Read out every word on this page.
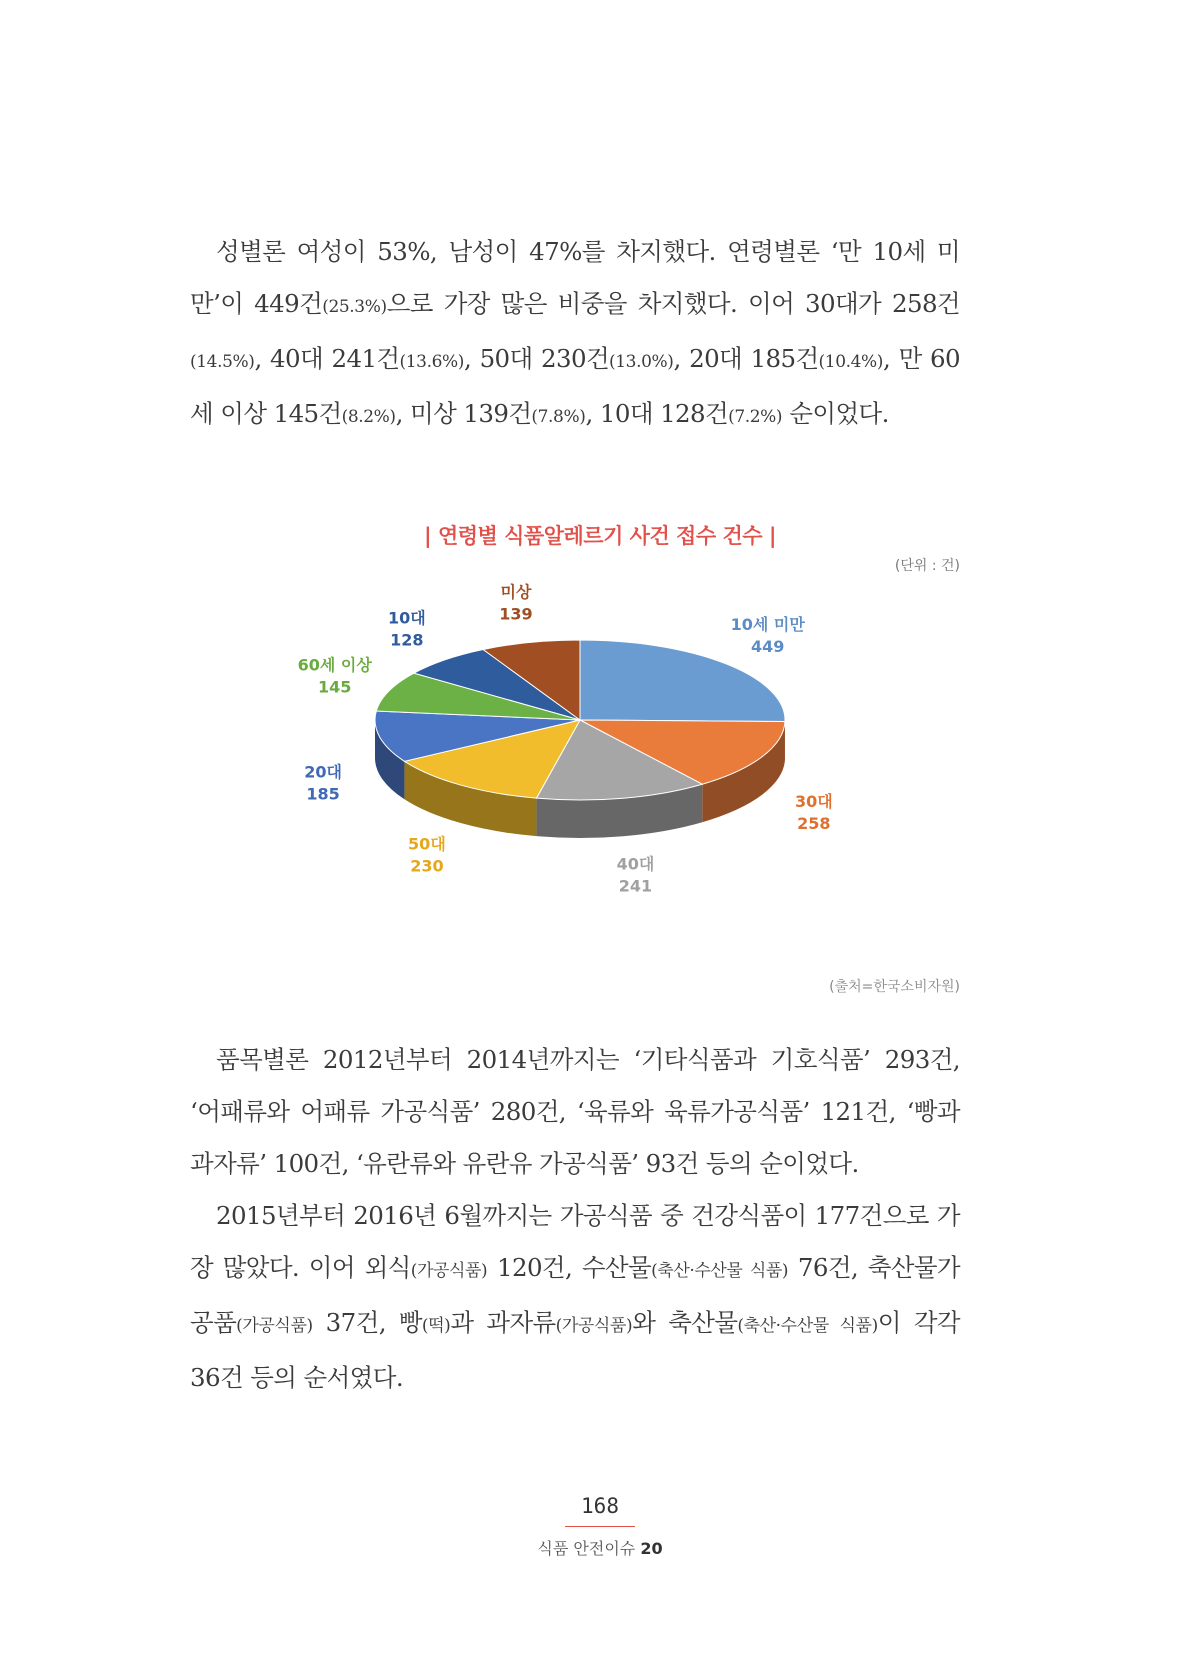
성별론 여성이 53%, 남성이 47%를 차지했다. 연령별론 ‘만 10세 미만’이 449건(25.3%)으로 가장 많은 비중을 차지했다. 이어 30대가 258건(14.5%), 40대 241건(13.6%), 50대 230건(13.0%), 20대 185건(10.4%), 만 60세 이상 145건(8.2%), 미상 139건(7.8%), 10대 128건(7.2%) 순이었다.

| 연령별 식품알레르기 사건 접수 건수 |
(단위 : 건)
10세 미만
449
30대
258
40대
241
50대
230
20대
185
60세 이상
145
10대
128
미상
139
(출처=한국소비자원)

품목별론 2012년부터 2014년까지는 ‘기타식품과 기호식품’ 293건, ‘어패류와 어패류 가공식품’ 280건, ‘육류와 육류가공식품’ 121건, ‘빵과 과자류’ 100건, ‘유란류와 유란유 가공식품’ 93건 등의 순이었다.

2015년부터 2016년 6월까지는 가공식품 중 건강식품이 177건으로 가장 많았다. 이어 외식(가공식품) 120건, 수산물(축산·수산물 식품) 76건, 축산물가공품(가공식품) 37건, 빵(떡)과 과자류(가공식품)와 축산물(축산·수산물 식품)이 각각 36건 등의 순서였다.

168
식품 안전이슈 20
